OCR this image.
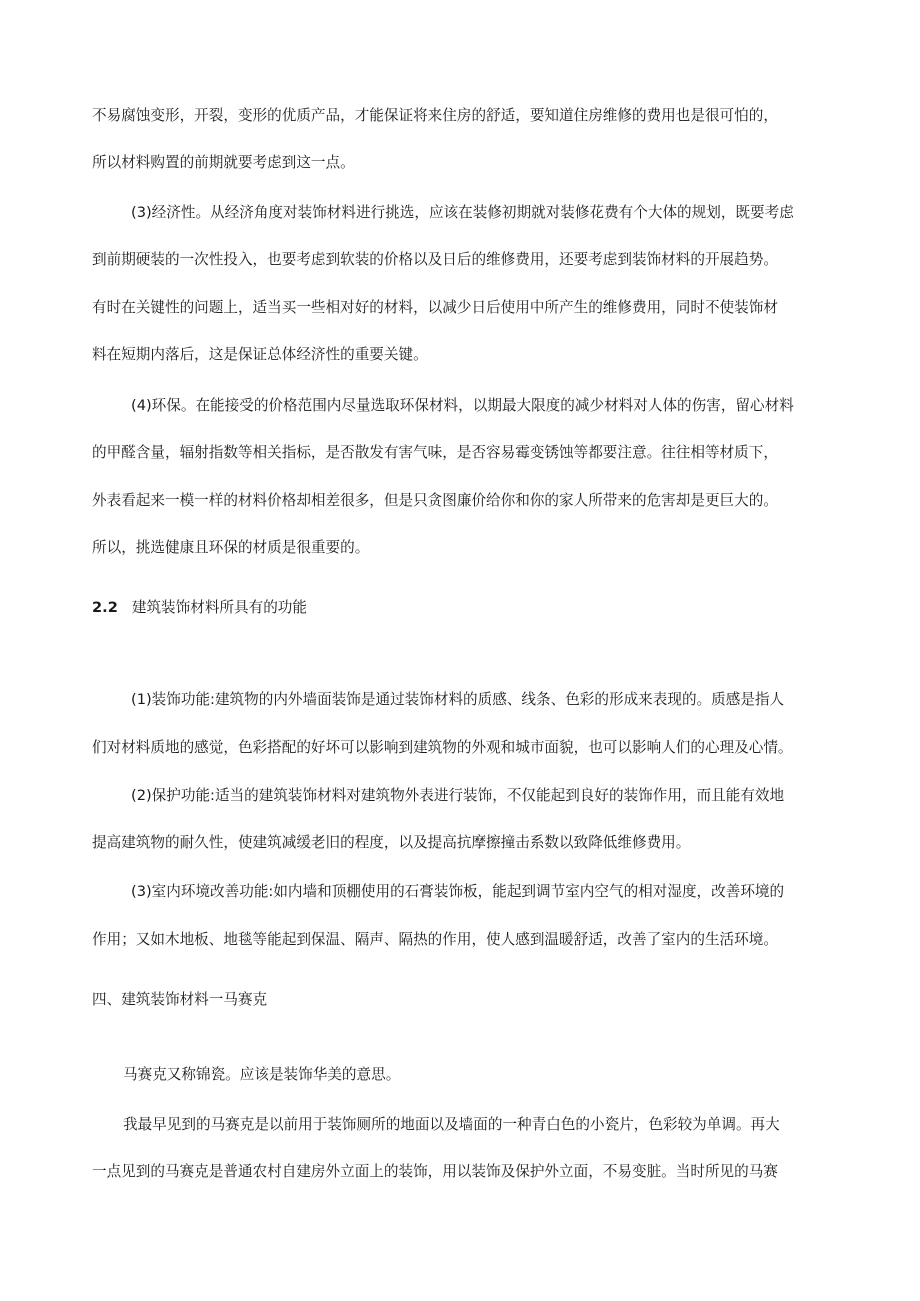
不易腐蚀变形，开裂，变形的优质产品，才能保证将来住房的舒适，要知道住房维修的费用也是很可怕的，
所以材料购置的前期就要考虑到这一点。
(3)经济性。从经济角度对装饰材料进行挑选，应该在装修初期就对装修花费有个大体的规划，既要考虑
到前期硬装的一次性投入，也要考虑到软装的价格以及日后的维修费用，还要考虑到装饰材料的开展趋势。
有时在关键性的问题上，适当买一些相对好的材料，以减少日后使用中所产生的维修费用，同时不使装饰材
料在短期内落后，这是保证总体经济性的重要关键。
(4)环保。在能接受的价格范围内尽量选取环保材料，以期最大限度的减少材料对人体的伤害，留心材料
的甲醛含量，辐射指数等相关指标，是否散发有害气味，是否容易霉变锈蚀等都要注意。往往相等材质下，
外表看起来一模一样的材料价格却相差很多，但是只贪图廉价给你和你的家人所带来的危害却是更巨大的。
所以，挑选健康且环保的材质是很重要的。
2.2 建筑装饰材料所具有的功能
(1)装饰功能:建筑物的内外墙面装饰是通过装饰材料的质感、线条、色彩的形成来表现的。质感是指人
们对材料质地的感觉，色彩搭配的好坏可以影响到建筑物的外观和城市面貌，也可以影响人们的心理及心情。
(2)保护功能:适当的建筑装饰材料对建筑物外表进行装饰，不仅能起到良好的装饰作用，而且能有效地
提高建筑物的耐久性，使建筑减缓老旧的程度，以及提高抗摩擦撞击系数以致降低维修费用。
(3)室内环境改善功能:如内墙和顶棚使用的石膏装饰板，能起到调节室内空气的相对湿度，改善环境的
作用；又如木地板、地毯等能起到保温、隔声、隔热的作用，使人感到温暖舒适，改善了室内的生活环境。
四、建筑装饰材料一马赛克
马赛克又称锦瓷。应该是装饰华美的意思。
我最早见到的马赛克是以前用于装饰厕所的地面以及墙面的一种青白色的小瓷片，色彩较为单调。再大
一点见到的马赛克是普通农村自建房外立面上的装饰，用以装饰及保护外立面，不易变脏。当时所见的马赛
